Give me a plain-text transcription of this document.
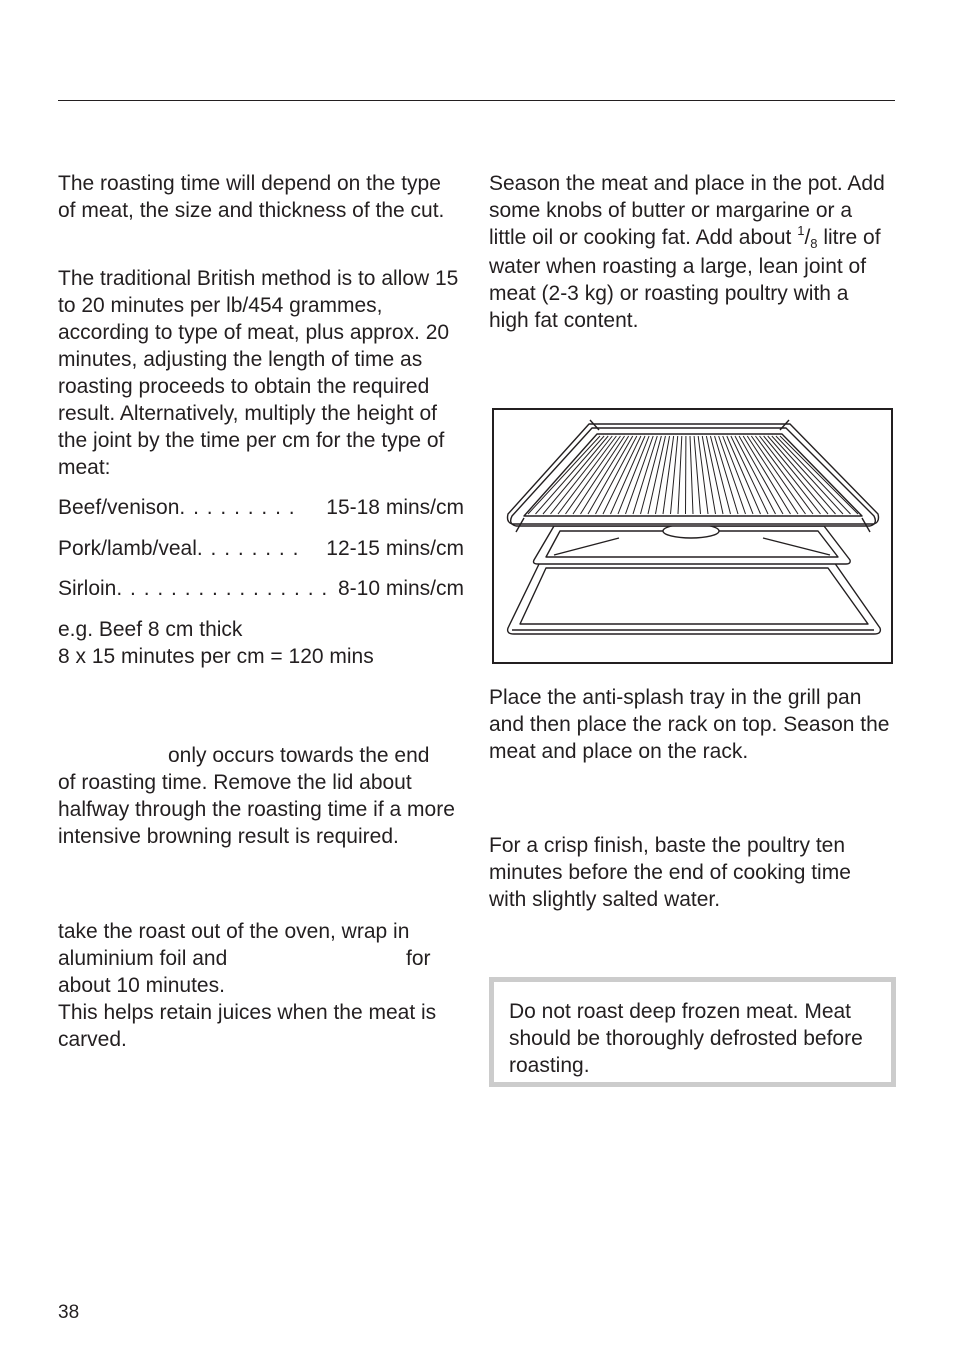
The roasting time will depend on the type of meat, the size and thickness of the cut.

The traditional British method is to allow 15 to 20 minutes per lb/454 grammes, according to type of meat, plus approx. 20 minutes, adjusting the length of time as roasting proceeds to obtain the required result. Alternatively, multiply the height of the joint by the time per cm for the type of meat:

Beef/venison . . . . . . . . .	15-18 mins/cm
Pork/lamb/veal . . . . . . . .	12-15 mins/cm
Sirloin . . . . . . . . . . . . . . . . 8-10 mins/cm

e.g. Beef 8 cm thick

8 x 15 minutes per cm = 120 mins

only occurs towards the end

of roasting time. Remove the lid about halfway through the roasting time if a more intensive browning result is required.

take the roast out of the oven, wrap in

aluminium foil and	for

about 10 minutes.

This helps retain juices when the meat is carved.

Season the meat and place in the pot. Add some knobs of butter or margarine or a little oil or cooking fat. Add about $^1$/8 litre of water when roasting a large, lean joint of meat (2-3 kg) or roasting poultry with a high fat content.

Place the anti-splash tray in the grill pan and then place the rack on top. Season the meat and place on the rack.

For a crisp finish, baste the poultry ten minutes before the end of cooking time with slightly salted water.

Do not roast deep frozen meat. Meat should be thoroughly defrosted before roasting.
38
